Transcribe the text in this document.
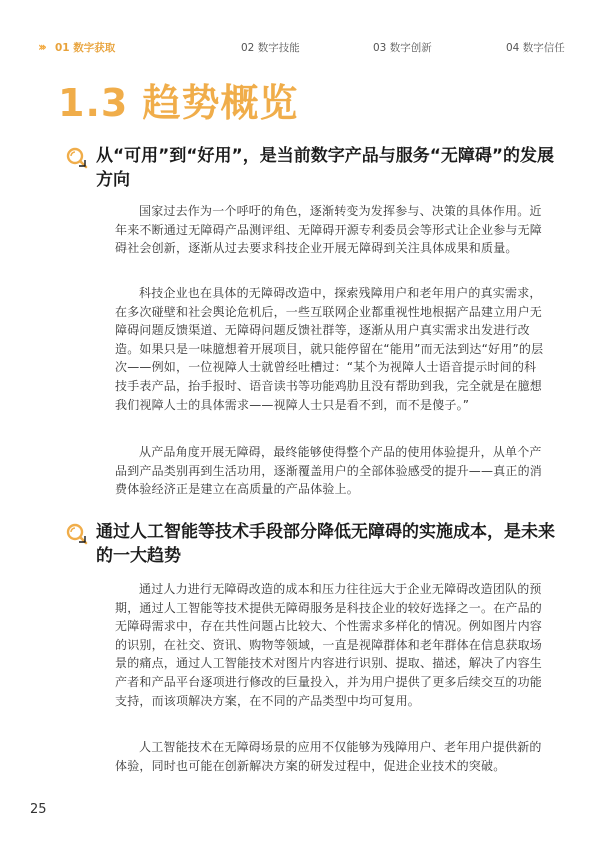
››› 01 数字获取	02 数字技能	03 数字创新	04 数字信任
1.3 趋势概览
从“可用”到“好用”，是当前数字产品与服务“无障碍”的发展方向

国家过去作为一个呼吁的角色，逐渐转变为发挥参与、决策的具体作用。近年来不断通过无障碍产品测评组、无障碍开源专利委员会等形式让企业参与无障碍社会创新，逐渐从过去要求科技企业开展无障碍到关注具体成果和质量。

科技企业也在具体的无障碍改造中，探索残障用户和老年用户的真实需求，在多次碰壁和社会舆论危机后，一些互联网企业都重视性地根据产品建立用户无障碍问题反馈渠道、无障碍问题反馈社群等，逐渐从用户真实需求出发进行改造。如果只是一味臆想着开展项目，就只能停留在“能用”而无法到达“好用”的层次——例如，一位视障人士就曾经吐槽过：“某个为视障人士语音提示时间的科技手表产品，抬手报时、语音读书等功能鸡肋且没有帮助到我，完全就是在臆想我们视障人士的具体需求——视障人士只是看不到，而不是傻子。”

从产品角度开展无障碍，最终能够使得整个产品的使用体验提升，从单个产品到产品类别再到生活功用，逐渐覆盖用户的全部体验感受的提升——真正的消费体验经济正是建立在高质量的产品体验上。

通过人工智能等技术手段部分降低无障碍的实施成本，是未来的一大趋势

通过人力进行无障碍改造的成本和压力往往远大于企业无障碍改造团队的预期，通过人工智能等技术提供无障碍服务是科技企业的较好选择之一。在产品的无障碍需求中，存在共性问题占比较大、个性需求多样化的情况。例如图片内容的识别，在社交、资讯、购物等领域，一直是视障群体和老年群体在信息获取场景的痛点，通过人工智能技术对图片内容进行识别、提取、描述，解决了内容生产者和产品平台逐项进行修改的巨量投入，并为用户提供了更多后续交互的功能支持，而该项解决方案，在不同的产品类型中均可复用。

人工智能技术在无障碍场景的应用不仅能够为残障用户、老年用户提供新的体验，同时也可能在创新解决方案的研发过程中，促进企业技术的突破。

25
